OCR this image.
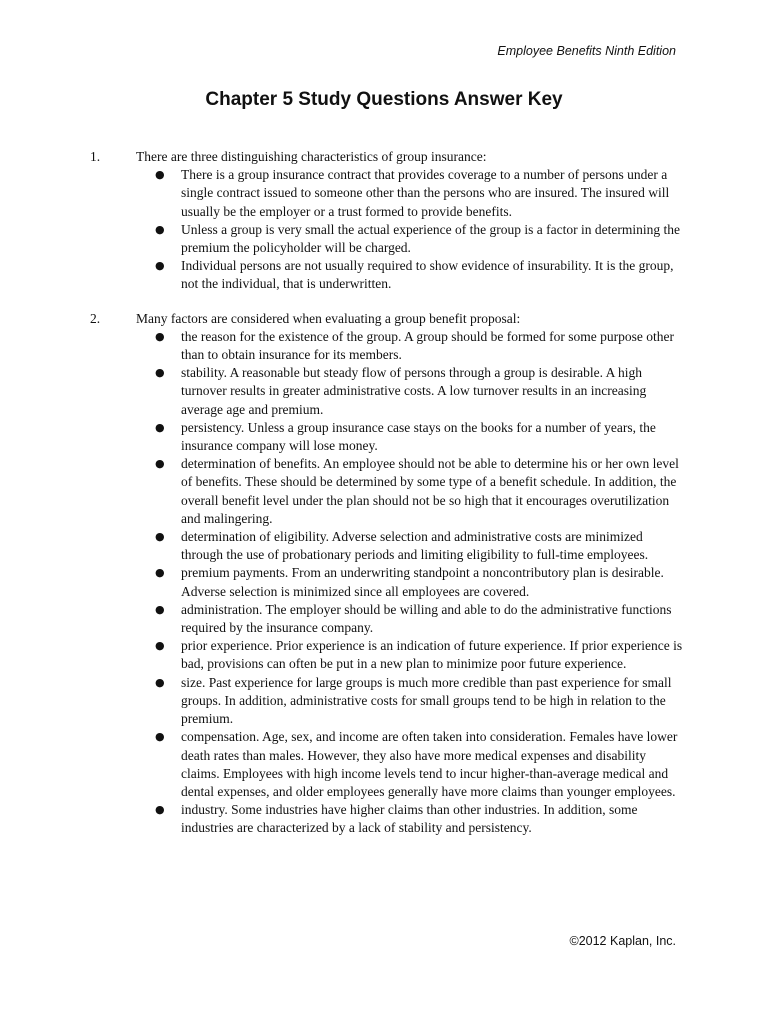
Employee Benefits Ninth Edition
Chapter 5 Study Questions Answer Key
1.	There are three distinguishing characteristics of group insurance:
● There is a group insurance contract that provides coverage to a number of persons under a single contract issued to someone other than the persons who are insured. The insured will usually be the employer or a trust formed to provide benefits.
● Unless a group is very small the actual experience of the group is a factor in determining the premium the policyholder will be charged.
● Individual persons are not usually required to show evidence of insurability. It is the group, not the individual, that is underwritten.
2.	Many factors are considered when evaluating a group benefit proposal:
● the reason for the existence of the group. A group should be formed for some purpose other than to obtain insurance for its members.
● stability. A reasonable but steady flow of persons through a group is desirable. A high turnover results in greater administrative costs. A low turnover results in an increasing average age and premium.
● persistency. Unless a group insurance case stays on the books for a number of years, the insurance company will lose money.
● determination of benefits. An employee should not be able to determine his or her own level of benefits. These should be determined by some type of a benefit schedule. In addition, the overall benefit level under the plan should not be so high that it encourages overutilization and malingering.
● determination of eligibility. Adverse selection and administrative costs are minimized through the use of probationary periods and limiting eligibility to full-time employees.
● premium payments. From an underwriting standpoint a noncontributory plan is desirable. Adverse selection is minimized since all employees are covered.
● administration. The employer should be willing and able to do the administrative functions required by the insurance company.
● prior experience. Prior experience is an indication of future experience. If prior experience is bad, provisions can often be put in a new plan to minimize poor future experience.
● size. Past experience for large groups is much more credible than past experience for small groups. In addition, administrative costs for small groups tend to be high in relation to the premium.
● compensation. Age, sex, and income are often taken into consideration. Females have lower death rates than males. However, they also have more medical expenses and disability claims. Employees with high income levels tend to incur higher-than-average medical and dental expenses, and older employees generally have more claims than younger employees.
● industry. Some industries have higher claims than other industries. In addition, some industries are characterized by a lack of stability and persistency.
©2012 Kaplan, Inc.
